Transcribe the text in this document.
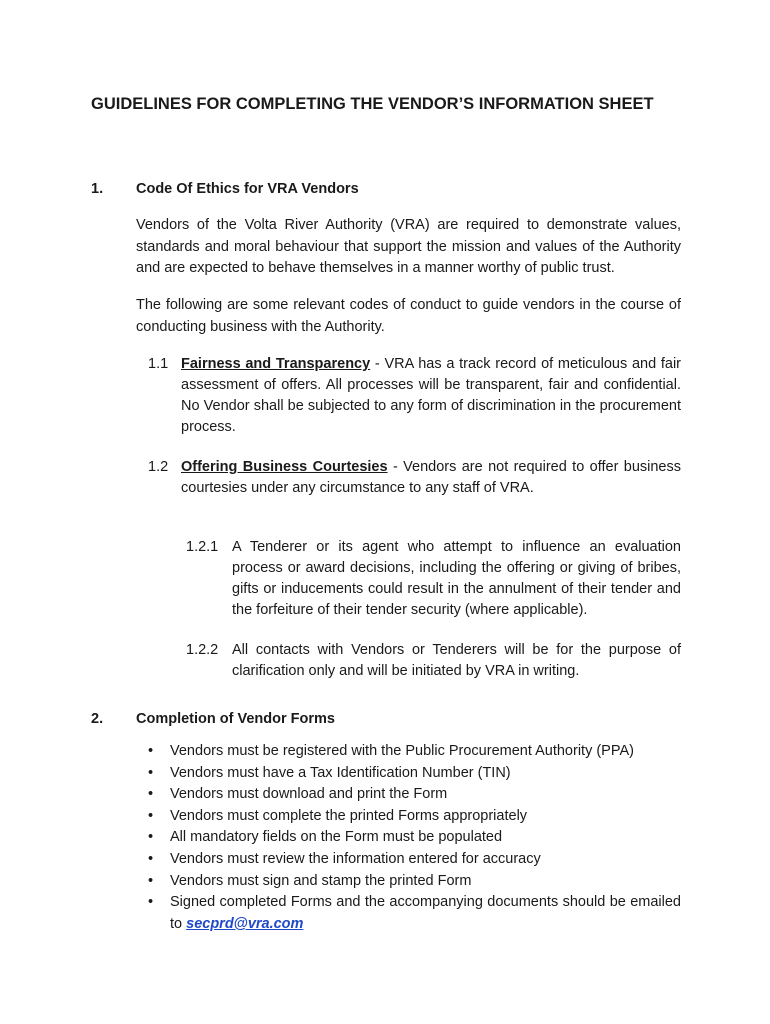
GUIDELINES FOR COMPLETING THE VENDOR’S INFORMATION SHEET
1. Code Of Ethics for VRA Vendors
Vendors of the Volta River Authority (VRA) are required to demonstrate values, standards and moral behaviour that support the mission and values of the Authority and are expected to behave themselves in a manner worthy of public trust.
The following are some relevant codes of conduct to guide vendors in the course of conducting business with the Authority.
1.1 Fairness and Transparency - VRA has a track record of meticulous and fair assessment of offers. All processes will be transparent, fair and confidential. No Vendor shall be subjected to any form of discrimination in the procurement process.
1.2 Offering Business Courtesies - Vendors are not required to offer business courtesies under any circumstance to any staff of VRA.
1.2.1 A Tenderer or its agent who attempt to influence an evaluation process or award decisions, including the offering or giving of bribes, gifts or inducements could result in the annulment of their tender and the forfeiture of their tender security (where applicable).
1.2.2 All contacts with Vendors or Tenderers will be for the purpose of clarification only and will be initiated by VRA in writing.
2. Completion of Vendor Forms
• Vendors must be registered with the Public Procurement Authority (PPA)
• Vendors must have a Tax Identification Number (TIN)
• Vendors must download and print the Form
• Vendors must complete the printed Forms appropriately
• All mandatory fields on the Form must be populated
• Vendors must review the information entered for accuracy
• Vendors must sign and stamp the printed Form
• Signed completed Forms and the accompanying documents should be emailed to secprd@vra.com
